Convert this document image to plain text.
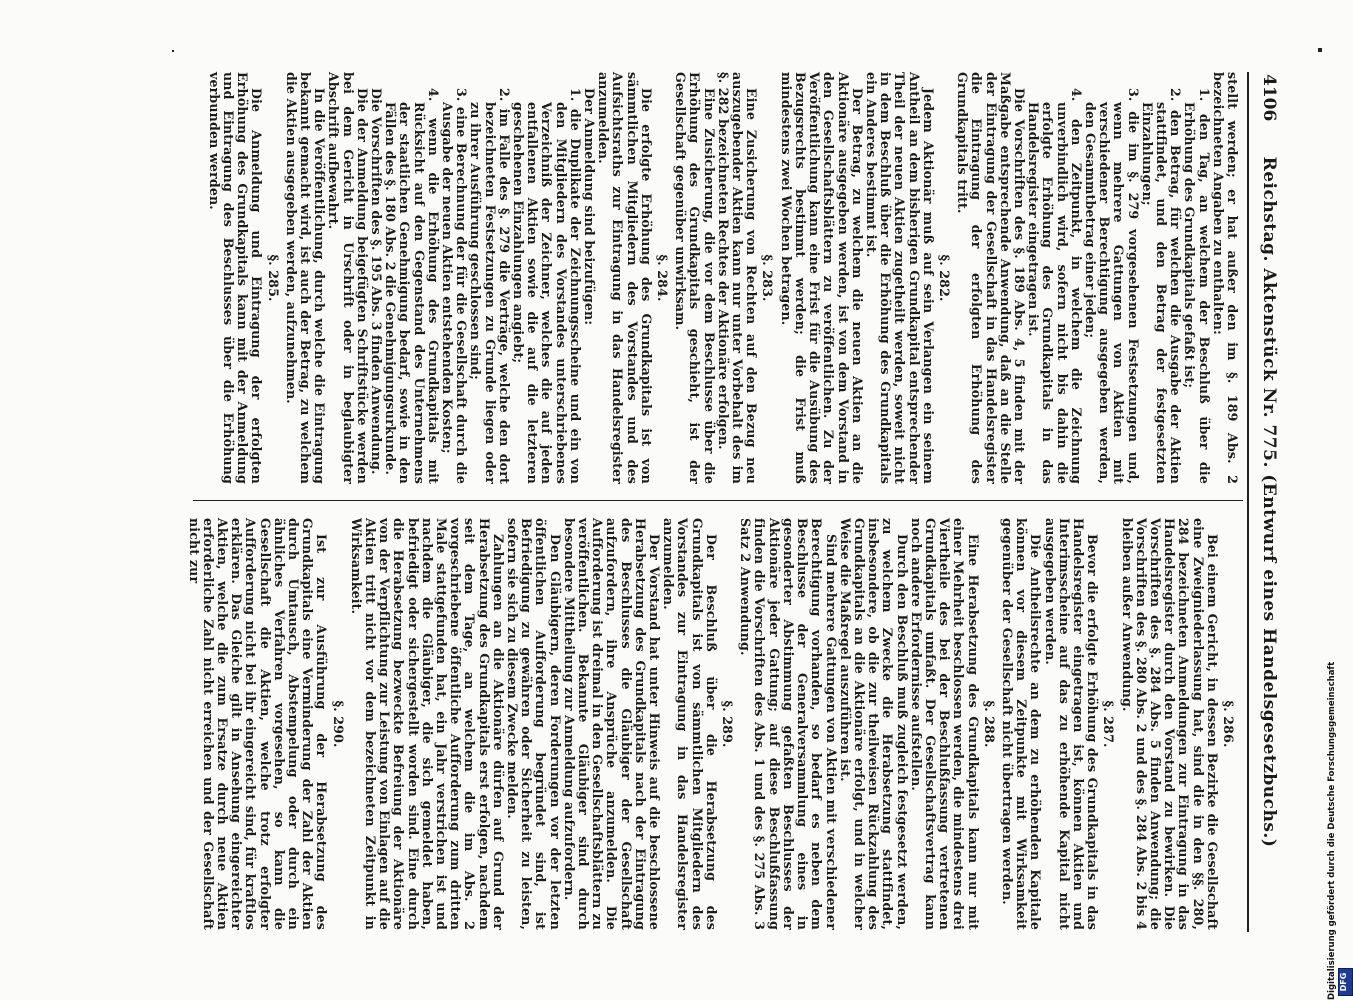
4106
Reichstag. Aktenstück Nr. 775. (Entwurf eines Handelsgesetzbuchs.)

stellt werden; er hat außer den im §. 189 Abs. 2 bezeichneten Angaben zu enthalten:

1. den Tag, an welchem der Beschluß über die Erhöhung des Grundkapitals gefaßt ist;

2. den Betrag, für welchen die Ausgabe der Aktien stattfindet, und den Betrag der festgesetzten Einzahlungen;

3. die im §. 279 vorgesehenen Festsetzungen und, wenn mehrere Gattungen von Aktien mit verschiedener Berechtigung ausgegeben werden, den Gesammtbetrag einer jeden;

4. den Zeitpunkt, in welchem die Zeichnung unverbindlich wird, sofern nicht bis dahin die erfolgte Erhöhung des Grundkapitals in das Handelsregister eingetragen ist.

Die Vorschriften des §. 189 Abs. 4, 5 finden mit der Maßgabe entsprechende Anwendung, daß an die Stelle der Eintragung der Gesellschaft in das Handelsregister die Eintragung der erfolgten Erhöhung des Grundkapitals tritt.

§. 282.

Jedem Aktionär muß auf sein Verlangen ein seinem Antheil an dem bisherigen Grundkapital entsprechender Theil der neuen Aktien zugetheilt werden, soweit nicht in dem Beschluß über die Erhöhung des Grundkapitals ein Anderes bestimmt ist.

Der Betrag, zu welchem die neuen Aktien an die Aktionäre ausgegeben werden, ist von dem Vorstand in den Gesellschaftsblättern zu veröffentlichen. Zu der Veröffentlichung kann eine Frist für die Ausübung des Bezugsrechts bestimmt werden; die Frist muß mindestens zwei Wochen betragen.

§. 283.

Eine Zusicherung von Rechten auf den Bezug neu auszugebender Aktien kann nur unter Vorbehalt des im §. 282 bezeichneten Rechtes der Aktionäre erfolgen.

Eine Zusicherung, die vor dem Beschlusse über die Erhöhung des Grundkapitals geschieht, ist der Gesellschaft gegenüber unwirksam.

§. 284.

Die erfolgte Erhöhung des Grundkapitals ist von sämmtlichen Mitgliedern des Vorstandes und des Aufsichtsraths zur Eintragung in das Handelsregister anzumelden.

Der Anmeldung sind beizufügen:

1. die Duplikate der Zeichnungsscheine und ein von den Mitgliedern des Vorstandes unterschriebenes Verzeichniß der Zeichner, welches die auf jeden entfallenen Aktien sowie die auf die letzteren geschehenen Einzahlungen angiebt;

2. im Falle des §. 279 die Verträge, welche den dort bezeichneten Festsetzungen zu Grunde liegen oder zu ihrer Ausführung geschlossen sind;

3. eine Berechnung der für die Gesellschaft durch die Ausgabe der neuen Aktien entstehenden Kosten;

4. wenn die Erhöhung des Grundkapitals mit Rücksicht auf den Gegenstand des Unternehmens der staatlichen Genehmigung bedarf, sowie in den Fällen des §. 180 Abs. 2 die Genehmigungsurkunde.

Die Vorschriften des §. 195 Abs. 3 finden Anwendung.

Die der Anmeldung beigefügten Schriftstücke werden bei dem Gericht in Urschrift oder in beglaubigter Abschrift aufbewahrt.

In die Veröffentlichung, durch welche die Eintragung bekannt gemacht wird, ist auch der Betrag, zu welchem die Aktien ausgegeben werden, aufzunehmen.

§. 285.

Die Anmeldung und Eintragung der erfolgten Erhöhung des Grundkapitals kann mit der Anmeldung und Eintragung des Beschlusses über die Erhöhung verbunden werden.

§. 286.

Bei einem Gericht, in dessen Bezirke die Gesellschaft eine Zweigniederlassung hat, sind die in den §§. 280, 284 bezeichneten Anmeldungen zur Eintragung in das Handelsregister durch den Vorstand zu bewirken. Die Vorschriften des §. 284 Abs. 5 finden Anwendung; die Vorschriften des §. 280 Abs. 2 und des §. 284 Abs. 2 bis 4 bleiben außer Anwendung.

§. 287.

Bevor die erfolgte Erhöhung des Grundkapitals in das Handelsregister eingetragen ist, können Aktien und Interimsscheine auf das zu erhöhende Kapital nicht ausgegeben werden.

Die Antheilsrechte an dem zu erhöhenden Kapitale können vor diesem Zeitpunkte mit Wirksamkeit gegenüber der Gesellschaft nicht übertragen werden.

§. 288.

Eine Herabsetzung des Grundkapitals kann nur mit einer Mehrheit beschlossen werden, die mindestens drei Viertheile des bei der Beschlußfassung vertretenen Grundkapitals umfaßt. Der Gesellschaftsvertrag kann noch andere Erfordernisse aufstellen.

Durch den Beschluß muß zugleich festgesetzt werden, zu welchem Zwecke die Herabsetzung stattfindet, insbesondere, ob die zur theilweisen Rückzahlung des Grundkapitals an die Aktionäre erfolgt, und in welcher Weise die Maßregel auszuführen ist.

Sind mehrere Gattungen von Aktien mit verschiedener Berechtigung vorhanden, so bedarf es neben dem Beschlusse der Generalversammlung eines in gesonderter Abstimmung gefaßten Beschlusses der Aktionäre jeder Gattung; auf diese Beschlußfassung finden die Vorschriften des Abs. 1 und des §. 275 Abs. 3 Satz 2 Anwendung.

§. 289.

Der Beschluß über die Herabsetzung des Grundkapitals ist von sämmtlichen Mitgliedern des Vorstandes zur Eintragung in das Handelsregister anzumelden.

Der Vorstand hat unter Hinweis auf die beschlossene Herabsetzung des Grundkapitals nach der Eintragung des Beschlusses die Gläubiger der Gesellschaft aufzufordern, ihre Ansprüche anzumelden. Die Aufforderung ist dreimal in den Gesellschaftsblättern zu veröffentlichen. Bekannte Gläubiger sind durch besondere Mittheilung zur Anmeldung aufzufordern.

Den Gläubigern, deren Forderungen vor der letzten öffentlichen Aufforderung begründet sind, ist Befriedigung zu gewähren oder Sicherheit zu leisten, sofern sie sich zu diesem Zwecke melden.

Zahlungen an die Aktionäre dürfen auf Grund der Herabsetzung des Grundkapitals erst erfolgen, nachdem seit dem Tage, an welchem die im Abs. 2 vorgeschriebene öffentliche Aufforderung zum dritten Male stattgefunden hat, ein Jahr verstrichen ist und nachdem die Gläubiger, die sich gemeldet haben, befriedigt oder sichergestellt worden sind. Eine durch die Herabsetzung bezweckte Befreiung der Aktionäre von der Verpflichtung zur Leistung von Einlagen auf die Aktien tritt nicht vor dem bezeichneten Zeitpunkt in Wirksamkeit.

§. 290.

Ist zur Ausführung der Herabsetzung des Grundkapitals eine Verminderung der Zahl der Aktien durch Umtausch, Abstempelung oder durch ein ähnliches Verfahren vorgesehen, so kann die Gesellschaft die Aktien, welche trotz erfolgter Aufforderung nicht bei ihr eingereicht sind, für kraftlos erklären. Das Gleiche gilt in Ansehung eingereichter Aktien, welche die zum Ersatze durch neue Aktien erforderliche Zahl nicht erreichen und der Gesellschaft nicht zur

Digitalisierung gefördert durch die Deutsche Forschungsgemeinschaft DFG
